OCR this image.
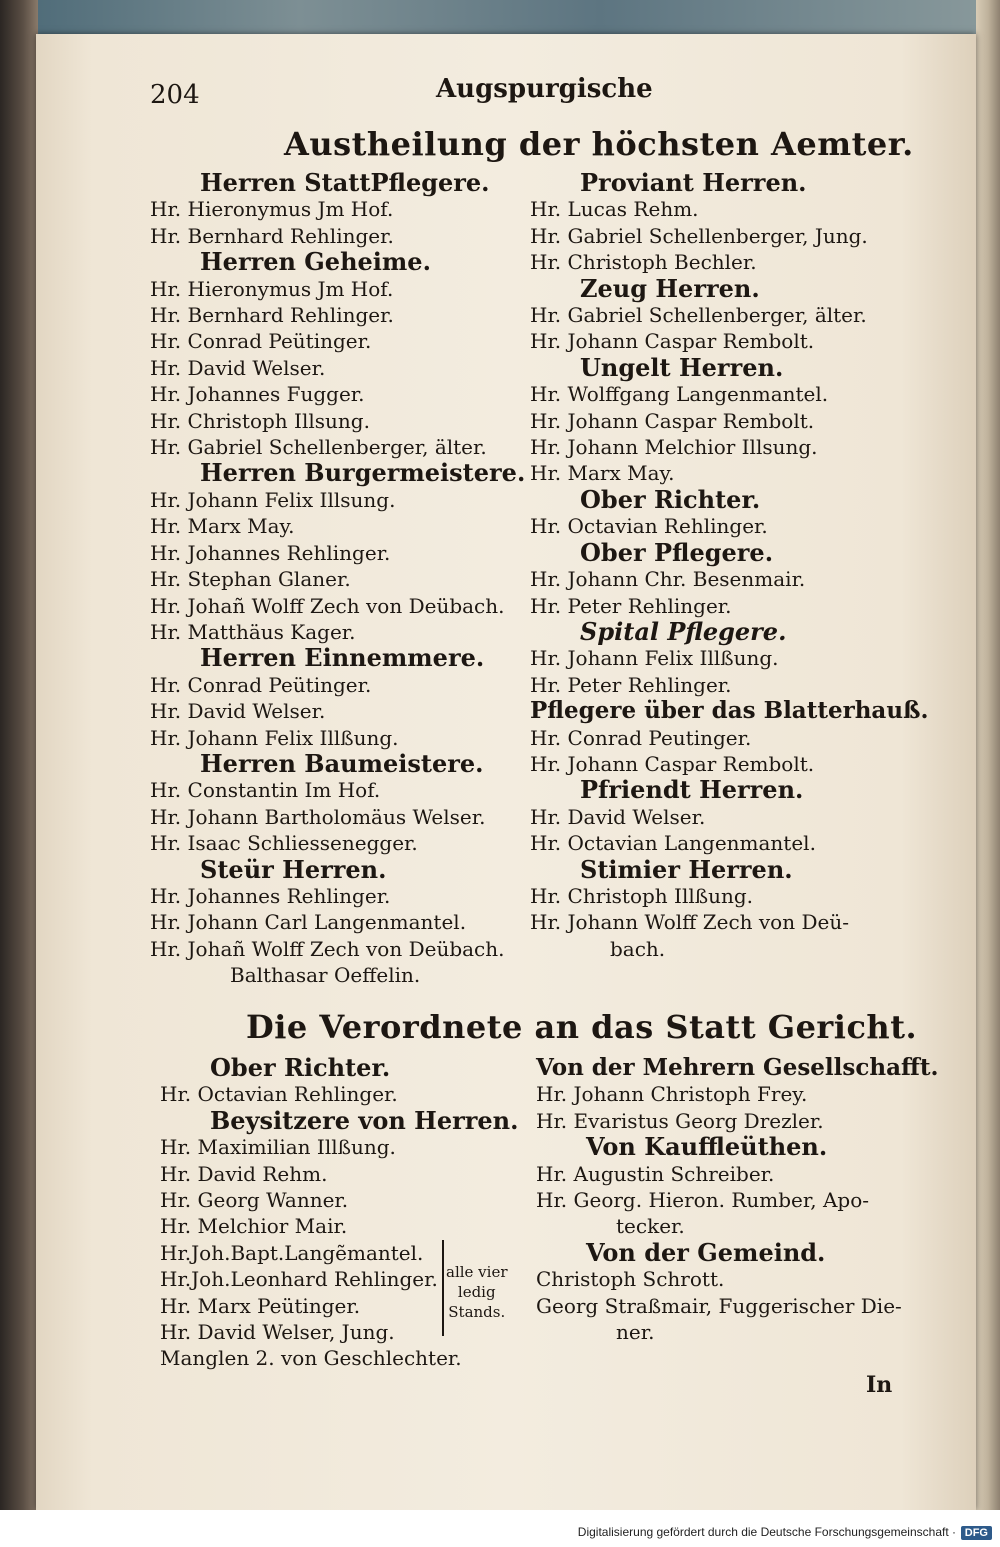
204	Augspurgische
Austheilung der höchsten Aemter.
Herren StattPflegere.
Hr. Hieronymus Jm Hof.
Hr. Bernhard Rehlinger.
Herren Geheime.
Hr. Hieronymus Jm Hof.
Hr. Bernhard Rehlinger.
Hr. Conrad Peütinger.
Hr. David Welser.
Hr. Johannes Fugger.
Hr. Christoph Illsung.
Hr. Gabriel Schellenberger, älter.
Herren Burgermeistere.
Hr. Johann Felix Illsung.
Hr. Marx May.
Hr. Johannes Rehlinger.
Hr. Stephan Glaner.
Hr. Johañ Wolff Zech von Deübach.
Hr. Matthäus Kager.
Herren Einnemmere.
Hr. Conrad Peütinger.
Hr. David Welser.
Hr. Johann Felix Illßung.
Herren Baumeistere.
Hr. Constantin Im Hof.
Hr. Johann Bartholomäus Welser.
Hr. Isaac Schliessenegger.
Steür Herren.
Hr. Johannes Rehlinger.
Hr. Johann Carl Langenmantel.
Hr. Johañ Wolff Zech von Deübach.
Balthasar Oeffelin.
Proviant Herren.
Hr. Lucas Rehm.
Hr. Gabriel Schellenberger, Jung.
Hr. Christoph Bechler.
Zeug Herren.
Hr. Gabriel Schellenberger, älter.
Hr. Johann Caspar Rembolt.
Ungelt Herren.
Hr. Wolffgang Langenmantel.
Hr. Johann Caspar Rembolt.
Hr. Johann Melchior Illsung.
Hr. Marx May.
Ober Richter.
Hr. Octavian Rehlinger.
Ober Pflegere.
Hr. Johann Chr. Besenmair.
Hr. Peter Rehlinger.
Spital Pflegere.
Hr. Johann Felix Illßung.
Hr. Peter Rehlinger.
Pflegere über das Blatterhauß.
Hr. Conrad Peutinger.
Hr. Johann Caspar Rembolt.
Pfriendt Herren.
Hr. David Welser.
Hr. Octavian Langenmantel.
Stimier Herren.
Hr. Christoph Illßung.
Hr. Johann Wolff Zech von Deü-
bach.
Die Verordnete an das Statt Gericht.
Ober Richter.
Hr. Octavian Rehlinger.
Beysitzere von Herren.
Hr. Maximilian Illßung.
Hr. David Rehm.
Hr. Georg Wanner.
Hr. Melchior Mair.
Hr.Joh.Bapt.Langẽmantel.
Hr.Joh.Leonhard Rehlinger.
Hr. Marx Peütinger.
Hr. David Welser, Jung.
Manglen 2. von Geschlechter.
Von der Mehrern Gesellschafft.
Hr. Johann Christoph Frey.
Hr. Evaristus Georg Drezler.
Von Kauffleüthen.
Hr. Augustin Schreiber.
Hr. Georg. Hieron. Rumber, Apo-
tecker.
Von der Gemeind.
Christoph Schrott.
Georg Straßmair, Fuggerischer Die-
ner.
alle vier
ledig
Stands.
In
Digitalisierung gefördert durch die Deutsche Forschungsgemeinschaft · DFG
